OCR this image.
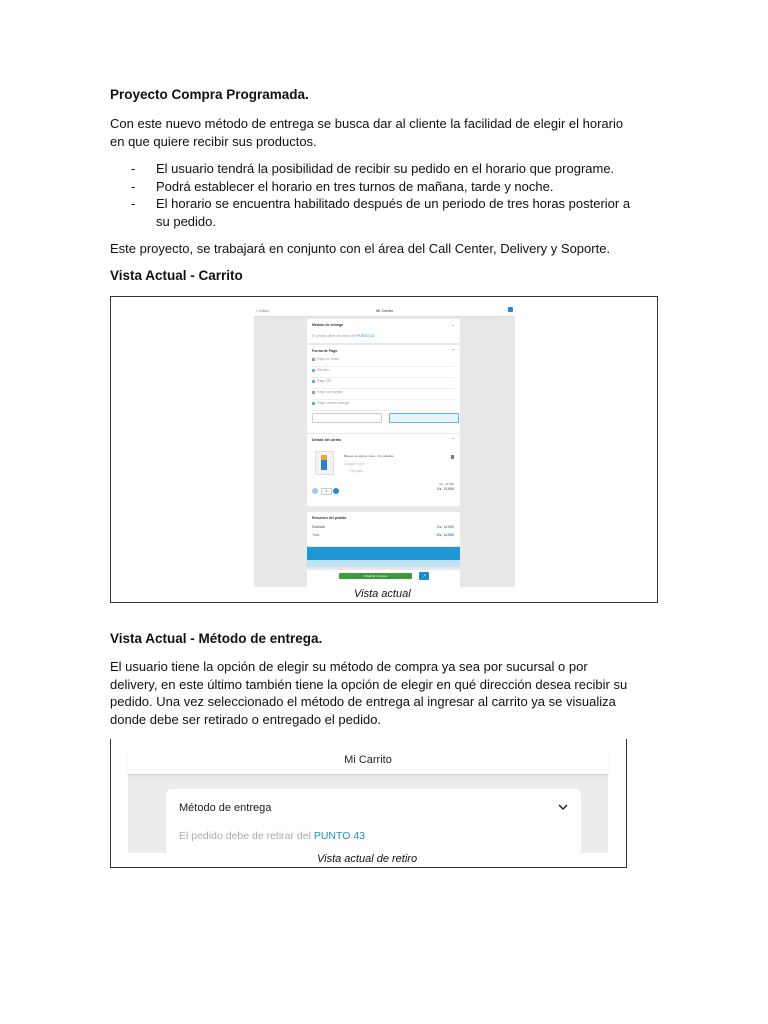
Proyecto Compra Programada.

Con este nuevo método de entrega se busca dar al cliente la facilidad de elegir el horario
en que quiere recibir sus productos.

- El usuario tendrá la posibilidad de recibir su pedido en el horario que programe.
- Podrá establecer el horario en tres turnos de mañana, tarde y noche.
- El horario se encuentra habilitado después de un periodo de tres horas posterior a
su pedido.

Este proyecto, se trabajará en conjunto con el área del Call Center, Delivery y Soporte.

Vista Actual - Carrito
Vista Actual - Método de entrega.

El usuario tiene la opción de elegir su método de compra ya sea por sucursal o por
delivery, en este último también tiene la opción de elegir en qué dirección desea recibir su
pedido. Una vez seleccionado el método de entrega al ingresar al carrito ya se visualiza
donde debe ser retirado o entregado el pedido.

< Inicio	Mi Carrito
Método de entrega	⌄
El pedido debe de retirar del PUNTO 43
Forma de Pago	⌃
Pago en línea
Efectivo
Pago QR
Pago con tarjeta
Pago contra entrega
Detalle del carrito	⌃
Bloque de alguna cosa - 10 unidades
Usage note
○ Regalo
Gs. 21.000
Gs. 13.900
1
Resumen del pedido
Subtotal	Gs. 13.900
Total	Gs. 13.900
Finalizar Compra	↗
Vista actual
Mi Carrito
Método de entrega
El pedido debe de retirar del PUNTO 43
Vista actual de retiro
